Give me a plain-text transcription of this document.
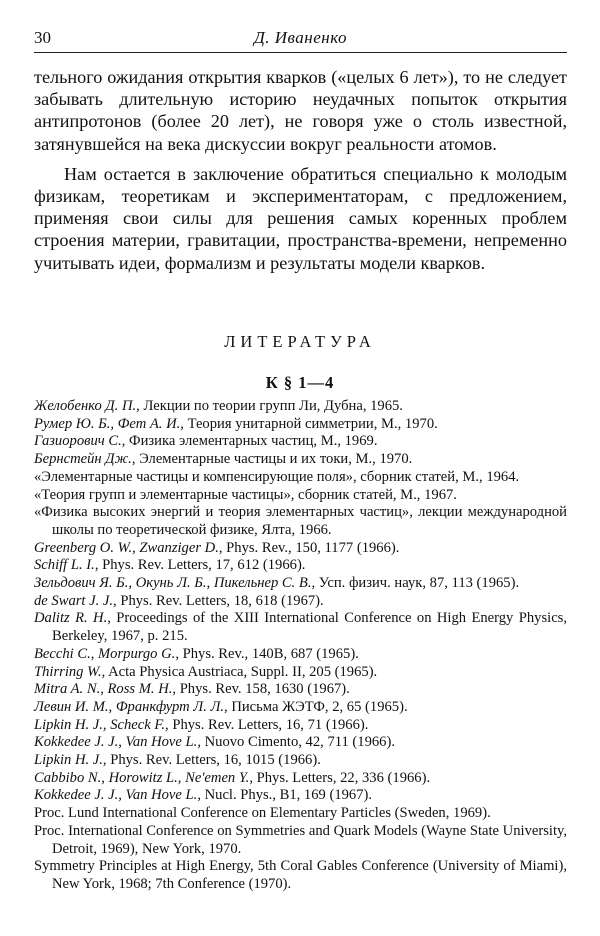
30	Д. Иваненко

тельного ожидания открытия кварков («целых 6 лет»), то не следует забывать длительную историю неудачных попыток открытия антипротонов (более 20 лет), не говоря уже о столь известной, затянувшейся на века дискуссии вокруг реальности атомов.

Нам остается в заключение обратиться специально к молодым физикам, теоретикам и экспериментаторам, с предложением, применяя свои силы для решения самых коренных проблем строения материи, гравитации, пространства-времени, непременно учитывать идеи, формализм и результаты модели кварков.

ЛИТЕРАТУРА
К § 1—4
Желобенко Д. П., Лекции по теории групп Ли, Дубна, 1965.
Румер Ю. Б., Фет А. И., Теория унитарной симметрии, М., 1970.
Газиорович С., Физика элементарных частиц, М., 1969.
Бернстейн Дж., Элементарные частицы и их токи, М., 1970.
«Элементарные частицы и компенсирующие поля», сборник статей, М., 1964.
«Теория групп и элементарные частицы», сборник статей, М., 1967.
«Физика высоких энергий и теория элементарных частиц», лекции международной школы по теоретической физике, Ялта, 1966.
Greenberg O. W., Zwanziger D., Phys. Rev., 150, 1177 (1966).
Schiff L. I., Phys. Rev. Letters, 17, 612 (1966).
Зельдович Я. Б., Окунь Л. Б., Пикельнер С. В., Усп. физич. наук, 87, 113 (1965).
de Swart J. J., Phys. Rev. Letters, 18, 618 (1967).
Dalitz R. H., Proceedings of the XIII International Conference on High Energy Physics, Berkeley, 1967, p. 215.
Becchi C., Morpurgo G., Phys. Rev., 140B, 687 (1965).
Thirring W., Acta Physica Austriaca, Suppl. II, 205 (1965).
Mitra A. N., Ross M. H., Phys. Rev. 158, 1630 (1967).
Левин И. М., Франкфурт Л. Л., Письма ЖЭТФ, 2, 65 (1965).
Lipkin H. J., Scheck F., Phys. Rev. Letters, 16, 71 (1966).
Kokkedee J. J., Van Hove L., Nuovo Cimento, 42, 711 (1966).
Lipkin H. J., Phys. Rev. Letters, 16, 1015 (1966).
Cabbibo N., Horowitz L., Ne'emen Y., Phys. Letters, 22, 336 (1966).
Kokkedee J. J., Van Hove L., Nucl. Phys., B1, 169 (1967).
Proc. Lund International Conference on Elementary Particles (Sweden, 1969).
Proc. International Conference on Symmetries and Quark Models (Wayne State University, Detroit, 1969), New York, 1970.
Symmetry Principles at High Energy, 5th Coral Gables Conference (University of Miami), New York, 1968; 7th Conference (1970).
